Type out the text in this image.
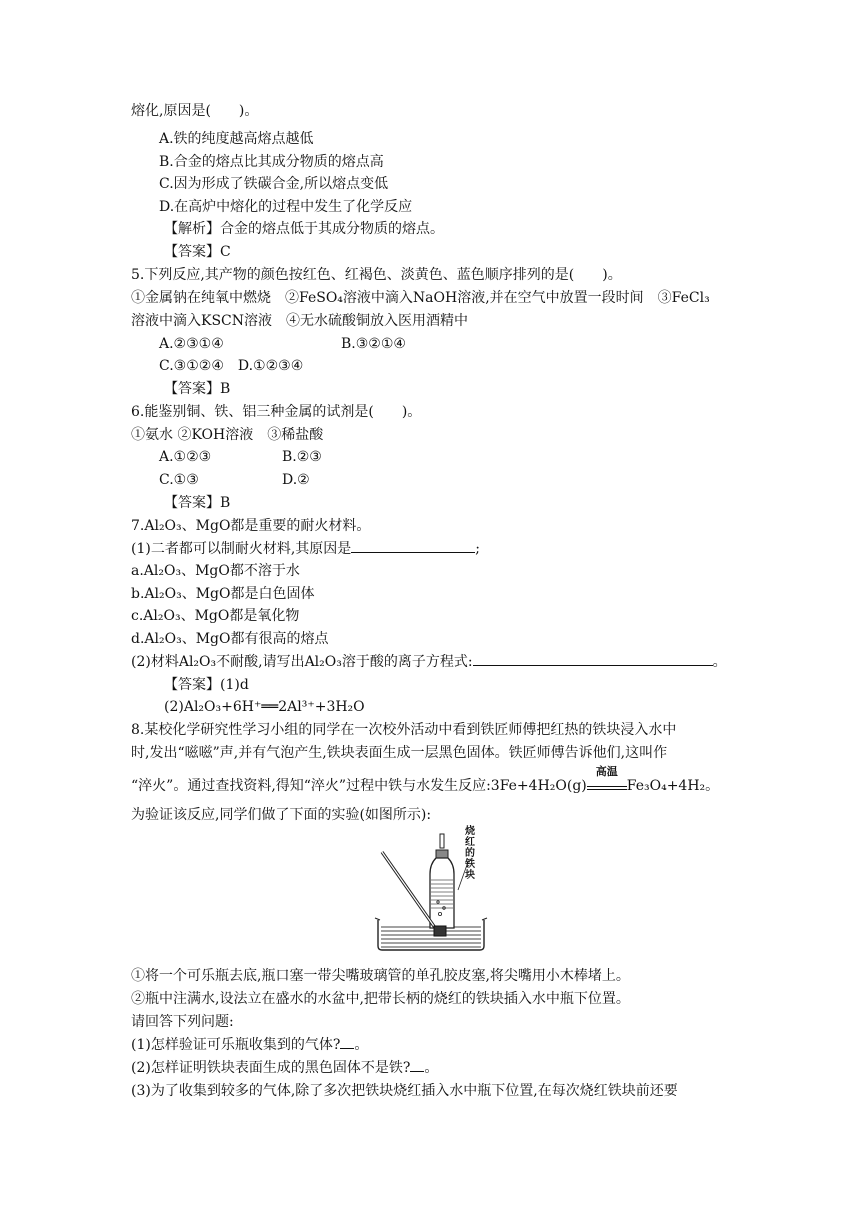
熔化,原因是(　　)。
A.铁的纯度越高熔点越低
B.合金的熔点比其成分物质的熔点高
C.因为形成了铁碳合金,所以熔点变低
D.在高炉中熔化的过程中发生了化学反应
【解析】合金的熔点低于其成分物质的熔点。
【答案】C
5.下列反应,其产物的颜色按红色、红褐色、淡黄色、蓝色顺序排列的是(　　)。
①金属钠在纯氧中燃烧　②FeSO₄溶液中滴入NaOH溶液,并在空气中放置一段时间　③FeCl₃
溶液中滴入KSCN溶液　④无水硫酸铜放入医用酒精中
A.②③①④	B.③②①④
C.③①②④　D.①②③④
【答案】B
6.能鉴别铜、铁、铝三种金属的试剂是(　　)。
①氨水 ②KOH溶液　③稀盐酸
A.①②③	B.②③
C.①③	D.②
【答案】B
7.Al₂O₃、MgO都是重要的耐火材料。
(1)二者都可以制耐火材料,其原因是	;
a.Al₂O₃、MgO都不溶于水
b.Al₂O₃、MgO都是白色固体
c.Al₂O₃、MgO都是氧化物
d.Al₂O₃、MgO都有很高的熔点
(2)材料Al₂O₃不耐酸,请写出Al₂O₃溶于酸的离子方程式:	。
【答案】(1)d
(2)Al₂O₃+6H⁺══2Al³⁺+3H₂O
8.某校化学研究性学习小组的同学在一次校外活动中看到铁匠师傅把红热的铁块浸入水中
时,发出“嗞嗞”声,并有气泡产生,铁块表面生成一层黑色固体。铁匠师傅告诉他们,这叫作
“淬火”。通过查找资料,得知“淬火”过程中铁与水发生反应:3Fe+4H₂O(g)
高温
Fe₃O₄+4H₂。
为验证该反应,同学们做了下面的实验(如图所示):
烧
红
的
铁
块
①将一个可乐瓶去底,瓶口塞一带尖嘴玻璃管的单孔胶皮塞,将尖嘴用小木棒堵上。
②瓶中注满水,设法立在盛水的水盆中,把带长柄的烧红的铁块插入水中瓶下位置。
请回答下列问题:
(1)怎样验证可乐瓶收集到的气体? 。
(2)怎样证明铁块表面生成的黑色固体不是铁? 。
(3)为了收集到较多的气体,除了多次把铁块烧红插入水中瓶下位置,在每次烧红铁块前还要
